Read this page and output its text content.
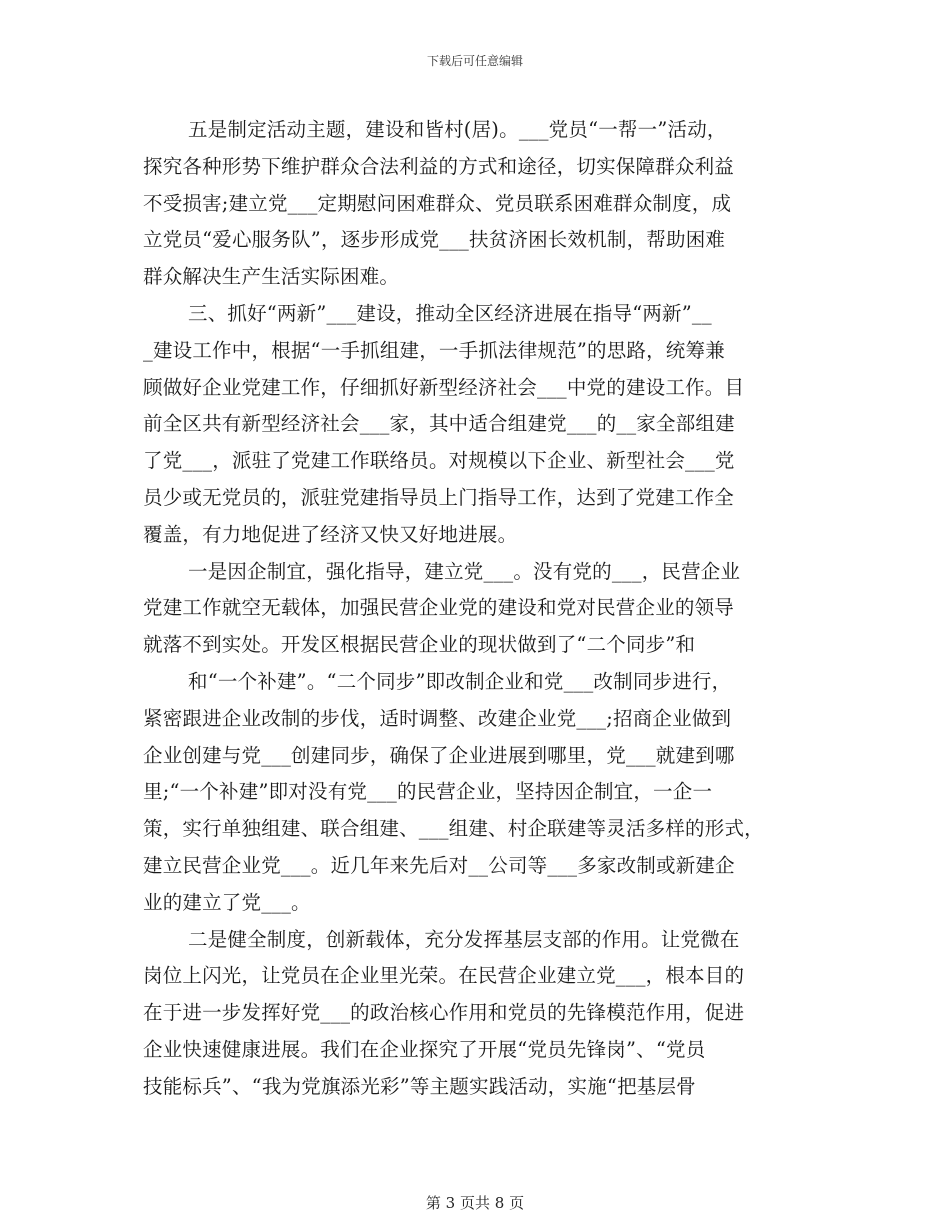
下载后可任意编辑
五是制定活动主题，建设和皆村(居)。___党员“一帮一”活动，
探究各种形势下维护群众合法利益的方式和途径，切实保障群众利益
不受损害;建立党___定期慰问困难群众、党员联系困难群众制度，成
立党员“爱心服务队”，逐步形成党___扶贫济困长效机制，帮助困难
群众解决生产生活实际困难。
三、抓好“两新”___建设，推动全区经济进展在指导“两新”__
_建设工作中，根据“一手抓组建，一手抓法律规范”的思路，统筹兼
顾做好企业党建工作，仔细抓好新型经济社会___中党的建设工作。目
前全区共有新型经济社会___家，其中适合组建党___的__家全部组建
了党___，派驻了党建工作联络员。对规模以下企业、新型社会___党
员少或无党员的，派驻党建指导员上门指导工作，达到了党建工作全
覆盖，有力地促进了经济又快又好地进展。
一是因企制宜，强化指导，建立党___。没有党的___，民营企业
党建工作就空无载体，加强民营企业党的建设和党对民营企业的领导
就落不到实处。开发区根据民营企业的现状做到了“二个同步”和
和“一个补建”。“二个同步”即改制企业和党___改制同步进行，
紧密跟进企业改制的步伐，适时调整、改建企业党___;招商企业做到
企业创建与党___创建同步，确保了企业进展到哪里，党___就建到哪
里;“一个补建”即对没有党___的民营企业，坚持因企制宜，一企一
策，实行单独组建、联合组建、___组建、村企联建等灵活多样的形式，
建立民营企业党___。近几年来先后对__公司等___多家改制或新建企
业的建立了党___。
二是健全制度，创新载体，充分发挥基层支部的作用。让党微在
岗位上闪光，让党员在企业里光荣。在民营企业建立党___，根本目的
在于进一步发挥好党___的政治核心作用和党员的先锋模范作用，促进
企业快速健康进展。我们在企业探究了开展“党员先锋岗”、“党员
技能标兵”、“我为党旗添光彩”等主题实践活动，实施“把基层骨
第 3 页共 8 页
